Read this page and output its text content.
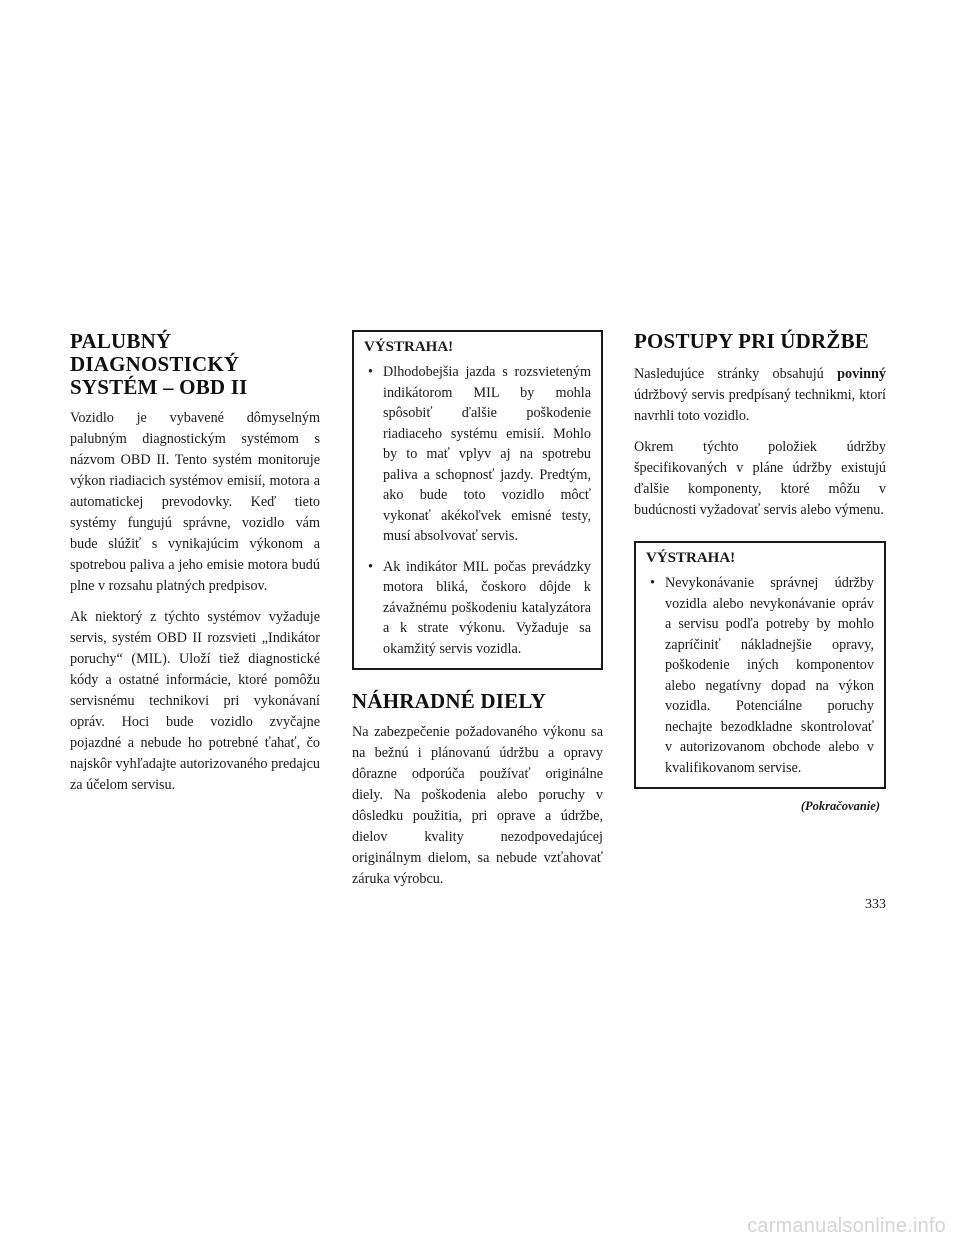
PALUBNÝ
DIAGNOSTICKÝ
SYSTÉM – OBD II

Vozidlo je vybavené dômyselným palubným diagnostickým systémom s názvom OBD II. Tento systém monitoruje výkon riadiacich systémov emisií, motora a automatickej prevodovky. Keď tieto systémy fungujú správne, vozidlo vám bude slúžiť s vynikajúcim výkonom a spotrebou paliva a jeho emisie motora budú plne v rozsahu platných predpisov.

Ak niektorý z týchto systémov vyžaduje servis, systém OBD II rozsvieti „Indikátor poruchy“ (MIL). Uloží tiež diagnostické kódy a ostatné informácie, ktoré pomôžu servisnému technikovi pri vykonávaní opráv. Hoci bude vozidlo zvyčajne pojazdné a nebude ho potrebné ťahať, čo najskôr vyhľadajte autorizovaného predajcu za účelom servisu.

VÝSTRAHA!
• Dlhodobejšia jazda s rozsvieteným indikátorom MIL by mohla spôsobiť ďalšie poškodenie riadiaceho systému emisií. Mohlo by to mať vplyv aj na spotrebu paliva a schopnosť jazdy. Predtým, ako bude toto vozidlo môcť vykonať akékoľvek emisné testy, musí absolvovať servis.
• Ak indikátor MIL počas prevádzky motora bliká, čoskoro dôjde k závažnému poškodeniu katalyzátora a k strate výkonu. Vyžaduje sa okamžitý servis vozidla.
NÁHRADNÉ DIELY

Na zabezpečenie požadovaného výkonu sa na bežnú i plánovanú údržbu a opravy dôrazne odporúča používať originálne diely. Na poškodenia alebo poruchy v dôsledku použitia, pri oprave a údržbe, dielov kvality nezodpovedajúcej originálnym dielom, sa nebude vzťahovať záruka výrobcu.

POSTUPY PRI ÚDRŽBE

Nasledujúce stránky obsahujú povinný údržbový servis predpísaný technikmi, ktorí navrhli toto vozidlo.

Okrem týchto položiek údržby špecifikovaných v pláne údržby existujú ďalšie komponenty, ktoré môžu v budúcnosti vyžadovať servis alebo výmenu.

VÝSTRAHA!
• Nevykonávanie správnej údržby vozidla alebo nevykonávanie opráv a servisu podľa potreby by mohlo zapríčiniť nákladnejšie opravy, poškodenie iných komponentov alebo negatívny dopad na výkon vozidla. Potenciálne poruchy nechajte bezodkladne skontrolovať v autorizovanom obchode alebo v kvalifikovanom servise.
(Pokračovanie)
333
carmanualsonline.info
